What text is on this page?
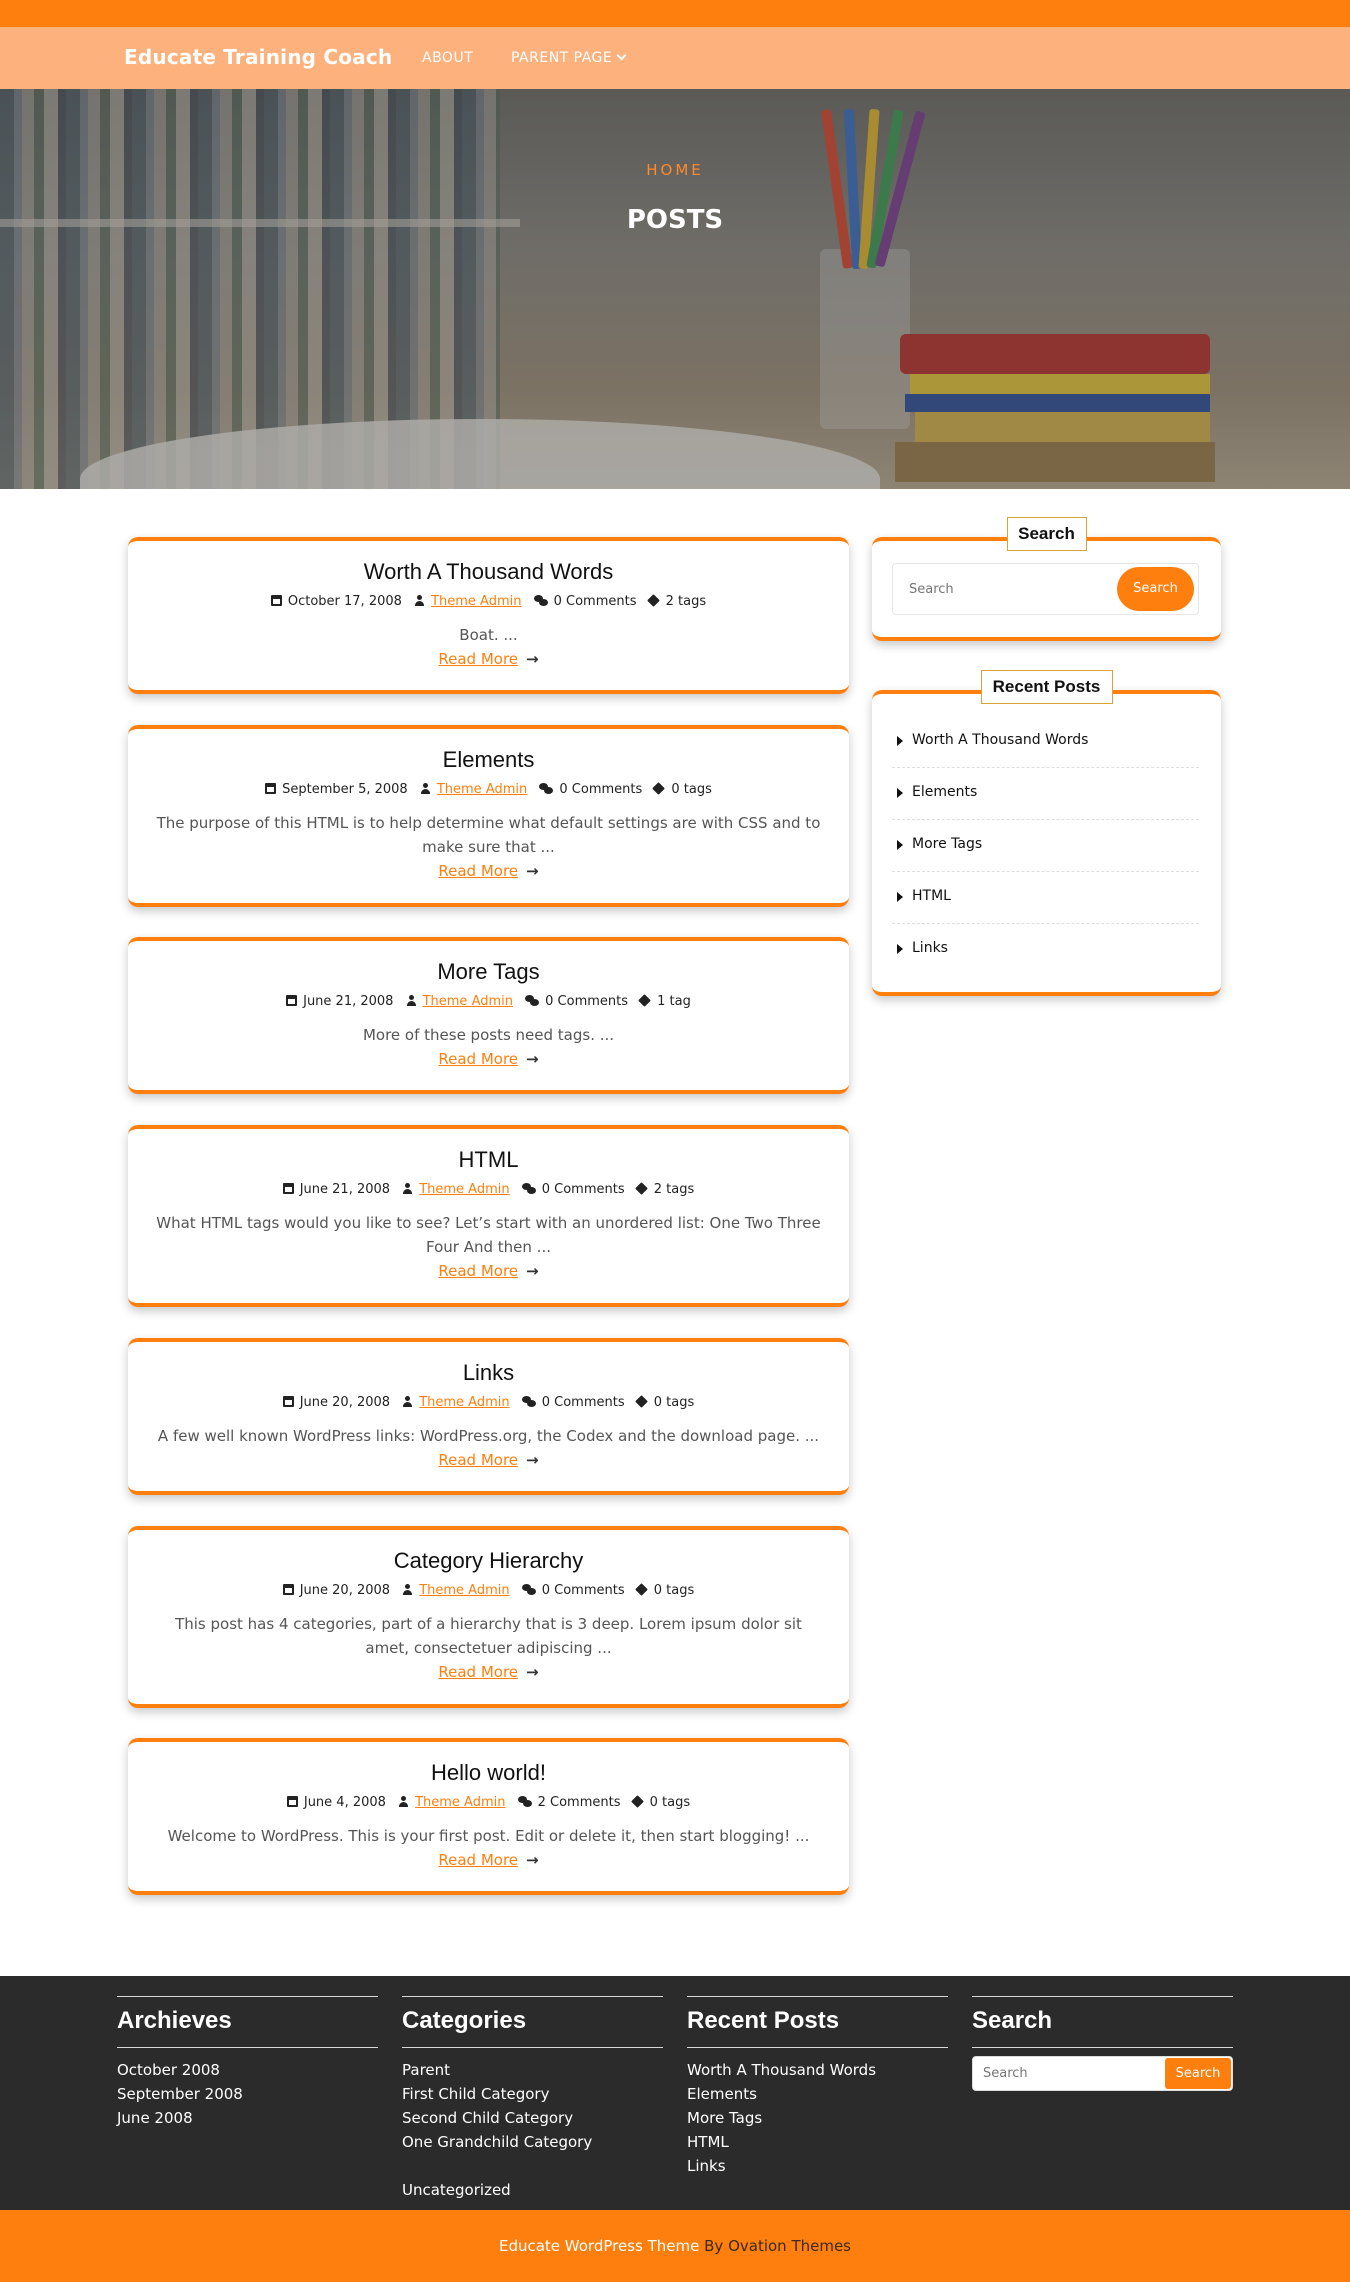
Educate Training Coach ABOUT	PARENT PAGE
HOME
POSTS
Worth A Thousand Words
October 17, 2008 Theme Admin 0 Comments 2 tags
Boat. ...
Read More →
Elements
September 5, 2008 Theme Admin 0 Comments 0 tags
The purpose of this HTML is to help determine what default settings are with CSS and to make sure that ...
Read More →
More Tags
June 21, 2008 Theme Admin 0 Comments 1 tag
More of these posts need tags. ...
Read More →
HTML
June 21, 2008 Theme Admin 0 Comments 2 tags
What HTML tags would you like to see? Let’s start with an unordered list: One Two Three Four And then ...
Read More →
Links
June 20, 2008 Theme Admin 0 Comments 0 tags
A few well known WordPress links: WordPress.org, the Codex and the download page. ...
Read More →
Category Hierarchy
June 20, 2008 Theme Admin 0 Comments 0 tags
This post has 4 categories, part of a hierarchy that is 3 deep. Lorem ipsum dolor sit amet, consectetuer adipiscing ...
Read More →
Hello world!
June 4, 2008 Theme Admin 2 Comments 0 tags
Welcome to WordPress. This is your first post. Edit or delete it, then start blogging! ...
Read More →
Search
Search
Search
Recent Posts
Worth A Thousand Words
Elements
More Tags
HTML
Links
Archieves
October 2008
September 2008
June 2008
Categories
Parent
First Child Category
Second Child Category
One Grandchild Category
Uncategorized
Recent Posts
Worth A Thousand Words
Elements
More Tags
HTML
Links
Search
Search
Search
Educate WordPress Theme By Ovation Themes
